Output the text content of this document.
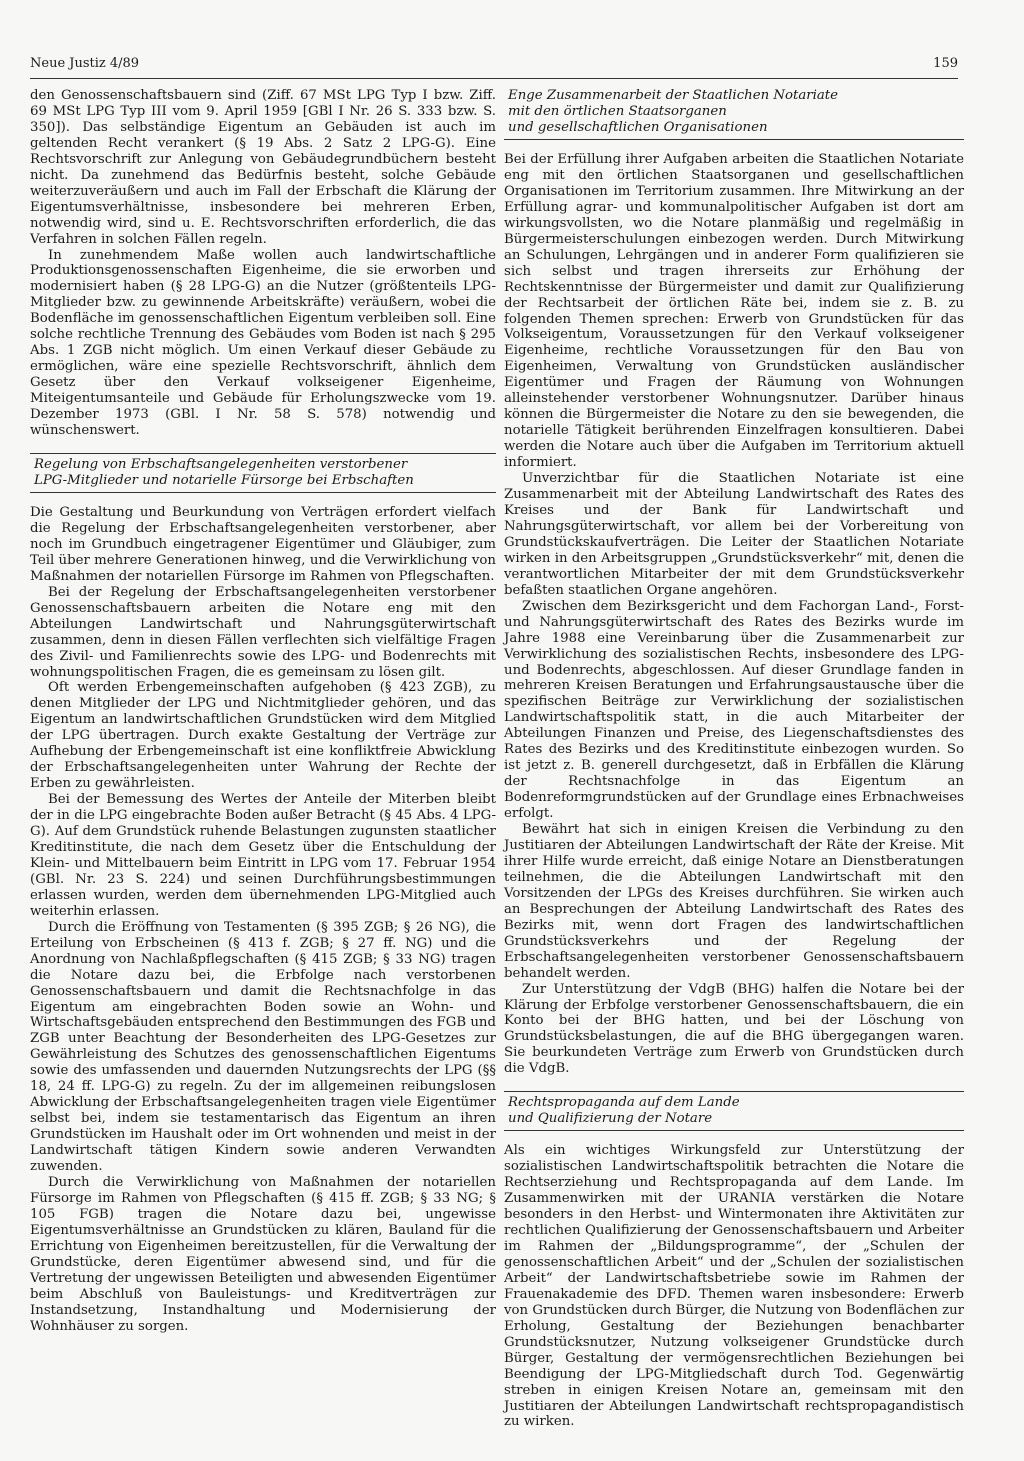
Neue Justiz 4/89	159

den Genossenschaftsbauern sind (Ziff. 67 MSt LPG Typ I bzw. Ziff. 69 MSt LPG Typ III vom 9. April 1959 [GBl I Nr. 26 S. 333 bzw. S. 350]). Das selbständige Eigentum an Gebäuden ist auch im geltenden Recht verankert (§ 19 Abs. 2 Satz 2 LPG-G). Eine Rechtsvorschrift zur Anlegung von Gebäudegrundbüchern besteht nicht. Da zunehmend das Bedürfnis besteht, solche Gebäude weiterzuveräußern und auch im Fall der Erbschaft die Klärung der Eigentumsverhältnisse, insbesondere bei mehreren Erben, notwendig wird, sind u. E. Rechtsvorschriften erforderlich, die das Verfahren in solchen Fällen regeln.

In zunehmendem Maße wollen auch landwirtschaftliche Produktionsgenossenschaften Eigenheime, die sie erworben und modernisiert haben (§ 28 LPG-G) an die Nutzer (größtenteils LPG-Mitglieder bzw. zu gewinnende Arbeitskräfte) veräußern, wobei die Bodenfläche im genossenschaftlichen Eigentum verbleiben soll. Eine solche rechtliche Trennung des Gebäudes vom Boden ist nach § 295 Abs. 1 ZGB nicht möglich. Um einen Verkauf dieser Gebäude zu ermöglichen, wäre eine spezielle Rechtsvorschrift, ähnlich dem Gesetz über den Verkauf volkseigener Eigenheime, Miteigentumsanteile und Gebäude für Erholungszwecke vom 19. Dezember 1973 (GBl. I Nr. 58 S. 578) notwendig und wünschenswert.

Regelung von Erbschaftsangelegenheiten verstorbener
LPG-Mitglieder und notarielle Fürsorge bei Erbschaften

Die Gestaltung und Beurkundung von Verträgen erfordert vielfach die Regelung der Erbschaftsangelegenheiten verstorbener, aber noch im Grundbuch eingetragener Eigentümer und Gläubiger, zum Teil über mehrere Generationen hinweg, und die Verwirklichung von Maßnahmen der notariellen Fürsorge im Rahmen von Pflegschaften.

Bei der Regelung der Erbschaftsangelegenheiten verstorbener Genossenschaftsbauern arbeiten die Notare eng mit den Abteilungen Landwirtschaft und Nahrungsgüterwirtschaft zusammen, denn in diesen Fällen verflechten sich vielfältige Fragen des Zivil- und Familienrechts sowie des LPG- und Bodenrechts mit wohnungspolitischen Fragen, die es gemeinsam zu lösen gilt.

Oft werden Erbengemeinschaften aufgehoben (§ 423 ZGB), zu denen Mitglieder der LPG und Nichtmitglieder gehören, und das Eigentum an landwirtschaftlichen Grundstücken wird dem Mitglied der LPG übertragen. Durch exakte Gestaltung der Verträge zur Aufhebung der Erbengemeinschaft ist eine konfliktfreie Abwicklung der Erbschaftsangelegenheiten unter Wahrung der Rechte der Erben zu gewährleisten.

Bei der Bemessung des Wertes der Anteile der Miterben bleibt der in die LPG eingebrachte Boden außer Betracht (§ 45 Abs. 4 LPG-G). Auf dem Grundstück ruhende Belastungen zugunsten staatlicher Kreditinstitute, die nach dem Gesetz über die Entschuldung der Klein- und Mittelbauern beim Eintritt in LPG vom 17. Februar 1954 (GBl. Nr. 23 S. 224) und seinen Durchführungsbestimmungen erlassen wurden, werden dem übernehmenden LPG-Mitglied auch weiterhin erlassen.

Durch die Eröffnung von Testamenten (§ 395 ZGB; § 26 NG), die Erteilung von Erbscheinen (§ 413 f. ZGB; § 27 ff. NG) und die Anordnung von Nachlaßpflegschaften (§ 415 ZGB; § 33 NG) tragen die Notare dazu bei, die Erbfolge nach verstorbenen Genossenschaftsbauern und damit die Rechtsnachfolge in das Eigentum am eingebrachten Boden sowie an Wohn- und Wirtschaftsgebäuden entsprechend den Bestimmungen des FGB und ZGB unter Beachtung der Besonderheiten des LPG-Gesetzes zur Gewährleistung des Schutzes des genossenschaftlichen Eigentums sowie des umfassenden und dauernden Nutzungsrechts der LPG (§§ 18, 24 ff. LPG-G) zu regeln. Zu der im allgemeinen reibungslosen Abwicklung der Erbschaftsangelegenheiten tragen viele Eigentümer selbst bei, indem sie testamentarisch das Eigentum an ihren Grundstücken im Haushalt oder im Ort wohnenden und meist in der Landwirtschaft tätigen Kindern sowie anderen Verwandten zuwenden.

Durch die Verwirklichung von Maßnahmen der notariellen Fürsorge im Rahmen von Pflegschaften (§ 415 ff. ZGB; § 33 NG; § 105 FGB) tragen die Notare dazu bei, ungewisse Eigentumsverhältnisse an Grundstücken zu klären, Bauland für die Errichtung von Eigenheimen bereitzustellen, für die Verwaltung der Grundstücke, deren Eigentümer abwesend sind, und für die Vertretung der ungewissen Beteiligten und abwesenden Eigentümer beim Abschluß von Bauleistungs- und Kreditverträgen zur Instandsetzung, Instandhaltung und Modernisierung der Wohnhäuser zu sorgen.

Enge Zusammenarbeit der Staatlichen Notariate
mit den örtlichen Staatsorganen
und gesellschaftlichen Organisationen

Bei der Erfüllung ihrer Aufgaben arbeiten die Staatlichen Notariate eng mit den örtlichen Staatsorganen und gesellschaftlichen Organisationen im Territorium zusammen. Ihre Mitwirkung an der Erfüllung agrar- und kommunalpolitischer Aufgaben ist dort am wirkungsvollsten, wo die Notare planmäßig und regelmäßig in Bürgermeisterschulungen einbezogen werden. Durch Mitwirkung an Schulungen, Lehrgängen und in anderer Form qualifizieren sie sich selbst und tragen ihrerseits zur Erhöhung der Rechtskenntnisse der Bürgermeister und damit zur Qualifizierung der Rechtsarbeit der örtlichen Räte bei, indem sie z. B. zu folgenden Themen sprechen: Erwerb von Grundstücken für das Volkseigentum, Voraussetzungen für den Verkauf volkseigener Eigenheime, rechtliche Voraussetzungen für den Bau von Eigenheimen, Verwaltung von Grundstücken ausländischer Eigentümer und Fragen der Räumung von Wohnungen alleinstehender verstorbener Wohnungsnutzer. Darüber hinaus können die Bürgermeister die Notare zu den sie bewegenden, die notarielle Tätigkeit berührenden Einzelfragen konsultieren. Dabei werden die Notare auch über die Aufgaben im Territorium aktuell informiert.

Unverzichtbar für die Staatlichen Notariate ist eine Zusammenarbeit mit der Abteilung Landwirtschaft des Rates des Kreises und der Bank für Landwirtschaft und Nahrungsgüterwirtschaft, vor allem bei der Vorbereitung von Grundstückskaufverträgen. Die Leiter der Staatlichen Notariate wirken in den Arbeitsgruppen „Grundstücksverkehr“ mit, denen die verantwortlichen Mitarbeiter der mit dem Grundstücksverkehr befaßten staatlichen Organe angehören.

Zwischen dem Bezirksgericht und dem Fachorgan Land-, Forst- und Nahrungsgüterwirtschaft des Rates des Bezirks wurde im Jahre 1988 eine Vereinbarung über die Zusammenarbeit zur Verwirklichung des sozialistischen Rechts, insbesondere des LPG- und Bodenrechts, abgeschlossen. Auf dieser Grundlage fanden in mehreren Kreisen Beratungen und Erfahrungsaustausche über die spezifischen Beiträge zur Verwirklichung der sozialistischen Landwirtschaftspolitik statt, in die auch Mitarbeiter der Abteilungen Finanzen und Preise, des Liegenschaftsdienstes des Rates des Bezirks und des Kreditinstitute einbezogen wurden. So ist jetzt z. B. generell durchgesetzt, daß in Erbfällen die Klärung der Rechtsnachfolge in das Eigentum an Bodenreformgrundstücken auf der Grundlage eines Erbnachweises erfolgt.

Bewährt hat sich in einigen Kreisen die Verbindung zu den Justitiaren der Abteilungen Landwirtschaft der Räte der Kreise. Mit ihrer Hilfe wurde erreicht, daß einige Notare an Dienstberatungen teilnehmen, die die Abteilungen Landwirtschaft mit den Vorsitzenden der LPGs des Kreises durchführen. Sie wirken auch an Besprechungen der Abteilung Landwirtschaft des Rates des Bezirks mit, wenn dort Fragen des landwirtschaftlichen Grundstücksverkehrs und der Regelung der Erbschaftsangelegenheiten verstorbener Genossenschaftsbauern behandelt werden.

Zur Unterstützung der VdgB (BHG) halfen die Notare bei der Klärung der Erbfolge verstorbener Genossenschaftsbauern, die ein Konto bei der BHG hatten, und bei der Löschung von Grundstücksbelastungen, die auf die BHG übergegangen waren. Sie beurkundeten Verträge zum Erwerb von Grundstücken durch die VdgB.

Rechtspropaganda auf dem Lande
und Qualifizierung der Notare

Als ein wichtiges Wirkungsfeld zur Unterstützung der sozialistischen Landwirtschaftspolitik betrachten die Notare die Rechtserziehung und Rechtspropaganda auf dem Lande. Im Zusammenwirken mit der URANIA verstärken die Notare besonders in den Herbst- und Wintermonaten ihre Aktivitäten zur rechtlichen Qualifizierung der Genossenschaftsbauern und Arbeiter im Rahmen der „Bildungsprogramme“, der „Schulen der genossenschaftlichen Arbeit“ und der „Schulen der sozialistischen Arbeit“ der Landwirtschaftsbetriebe sowie im Rahmen der Frauenakademie des DFD. Themen waren insbesondere: Erwerb von Grundstücken durch Bürger, die Nutzung von Bodenflächen zur Erholung, Gestaltung der Beziehungen benachbarter Grundstücksnutzer, Nutzung volkseigener Grundstücke durch Bürger, Gestaltung der vermögensrechtlichen Beziehungen bei Beendigung der LPG-Mitgliedschaft durch Tod. Gegenwärtig streben in einigen Kreisen Notare an, gemeinsam mit den Justitiaren der Abteilungen Landwirtschaft rechtspropagandistisch zu wirken.
